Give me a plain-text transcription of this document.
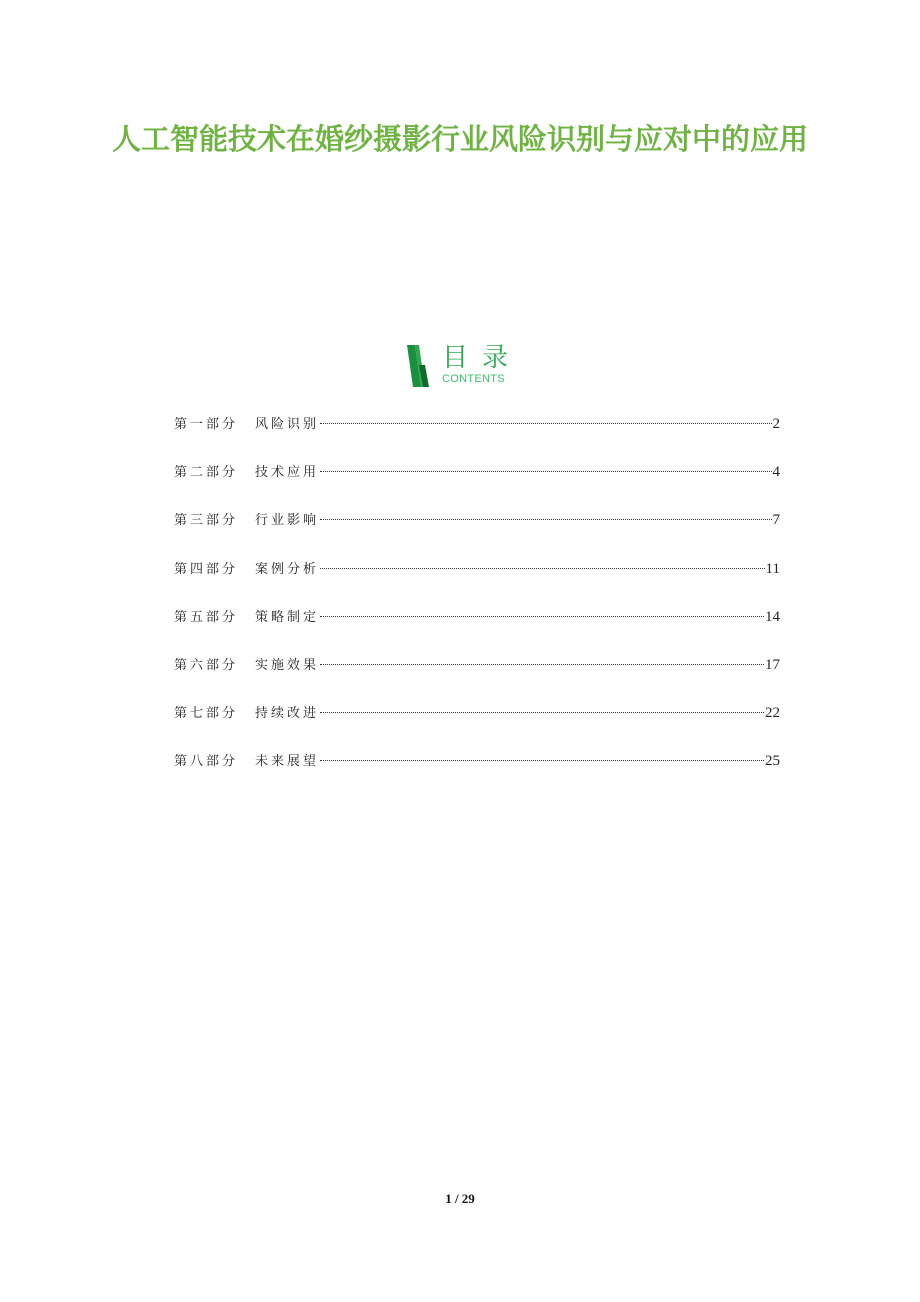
人工智能技术在婚纱摄影行业风险识别与应对中的应用
目录
CONTENTS
第一部分	风险识别	2
第二部分	技术应用	4
第三部分	行业影响	7
第四部分	案例分析	11
第五部分	策略制定	14
第六部分	实施效果	17
第七部分	持续改进	22
第八部分	未来展望	25
1 / 29
